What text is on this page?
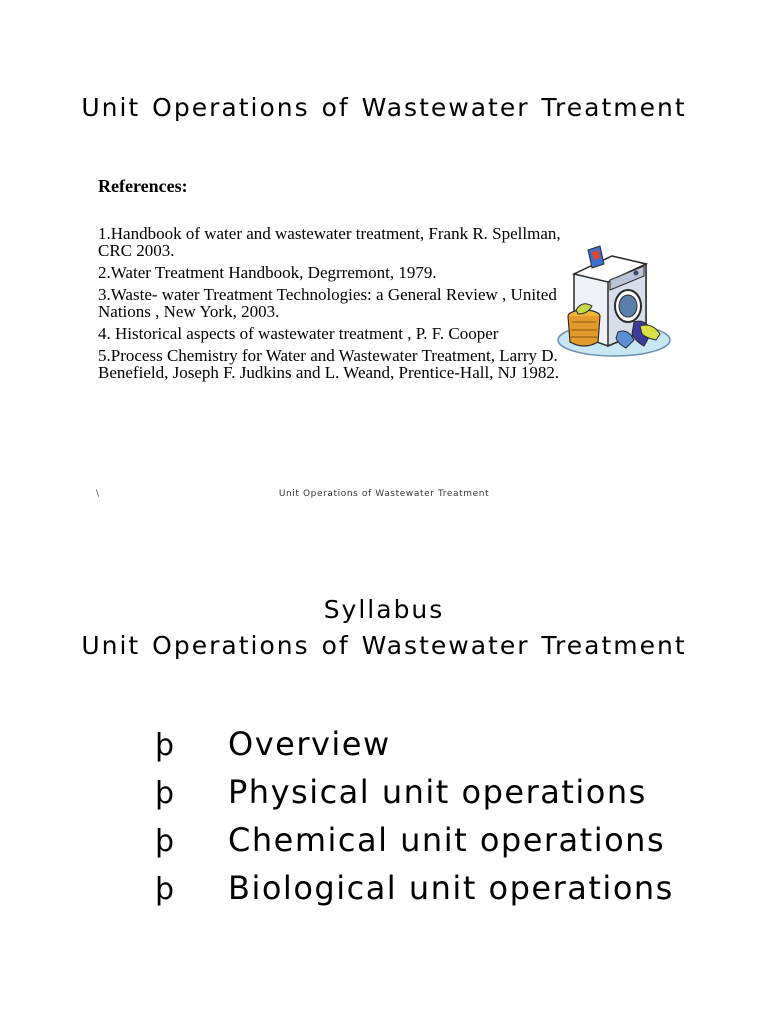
Unit Operations of Wastewater Treatment
References:
1.Handbook of water and wastewater treatment, Frank R. Spellman, CRC 2003.
2.Water Treatment Handbook, Degrremont, 1979.
3.Waste- water Treatment Technologies: a General Review , United Nations , New York, 2003.
4. Historical aspects of wastewater treatment , P. F. Cooper
5.Process Chemistry for Water and Wastewater Treatment, Larry D. Benefield, Joseph F. Judkins and L. Weand, Prentice-Hall, NJ 1982.
\	Unit Operations of Wastewater Treatment
Syllabus
Unit Operations of Wastewater Treatment
þ Overview
þ Physical unit operations
þ Chemical unit operations
þ Biological unit operations
